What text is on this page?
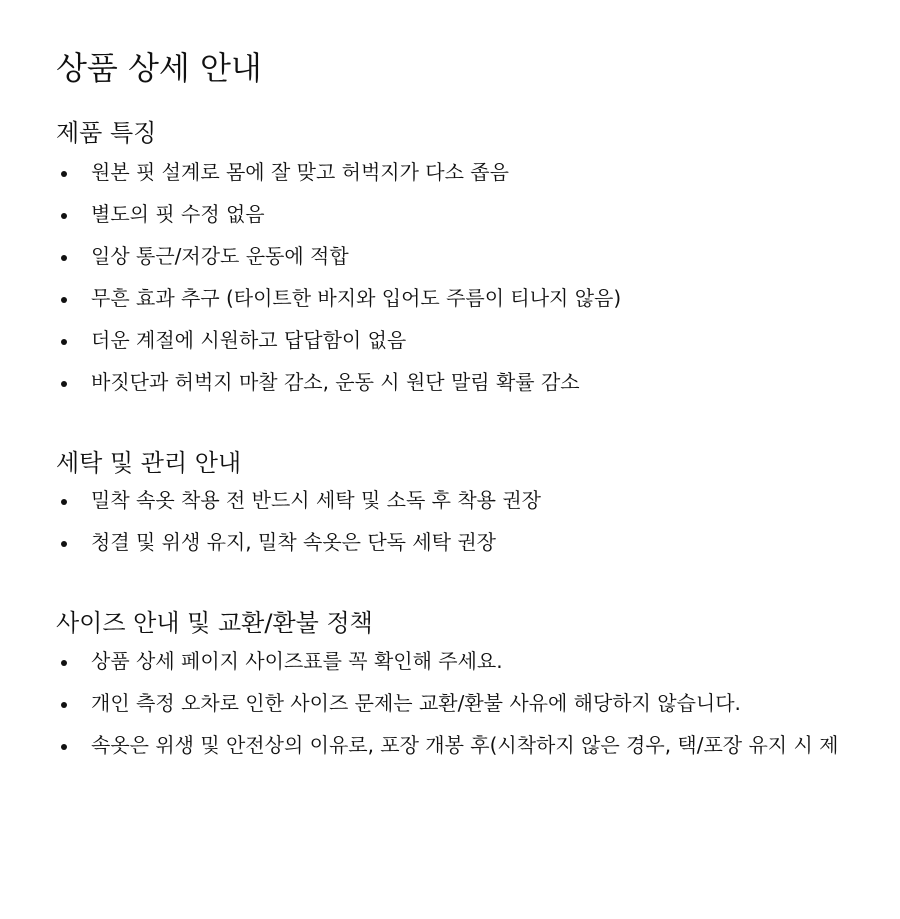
상품 상세 안내
제품 특징
원본 핏 설계로 몸에 잘 맞고 허벅지가 다소 좁음
별도의 핏 수정 없음
일상 통근/저강도 운동에 적합
무흔 효과 추구 (타이트한 바지와 입어도 주름이 티나지 않음)
더운 계절에 시원하고 답답함이 없음
바짓단과 허벅지 마찰 감소, 운동 시 원단 말림 확률 감소
세탁 및 관리 안내
밀착 속옷 착용 전 반드시 세탁 및 소독 후 착용 권장
청결 및 위생 유지, 밀착 속옷은 단독 세탁 권장
사이즈 안내 및 교환/환불 정책
상품 상세 페이지 사이즈표를 꼭 확인해 주세요.
개인 측정 오차로 인한 사이즈 문제는 교환/환불 사유에 해당하지 않습니다.
속옷은 위생 및 안전상의 이유로, 포장 개봉 후(시착하지 않은 경우, 택/포장 유지 시 제
